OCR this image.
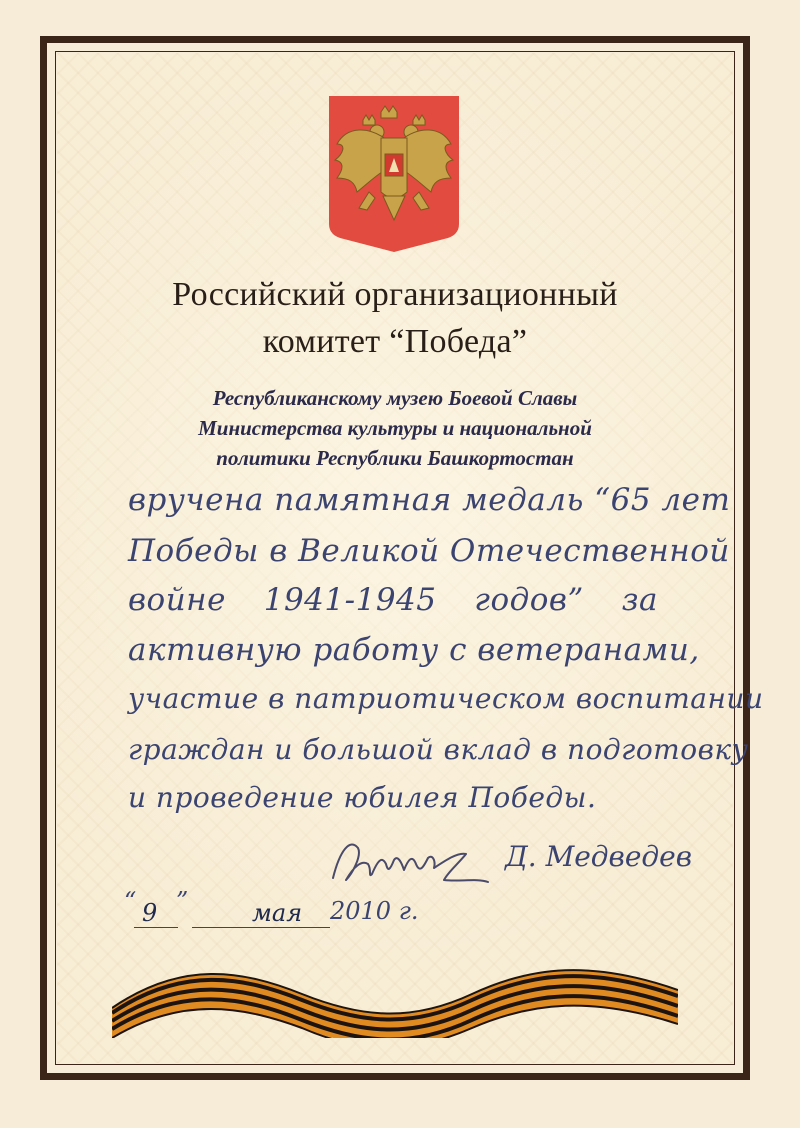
Российский организационный
комитет “Победа”
Республиканскому музею Боевой Славы
Министерства культуры и национальной
политики Республики Башкортостан
вручена памятная медаль “65 лет
Победы в Великой Отечественной
войне 1941-1945 годов” за
активную работу с ветеранами,
участие в патриотическом воспитании
граждан и большой вклад в подготовку
и проведение юбилея Победы.
Д. Медведев
“ 9 ”	мая 2010 г.
